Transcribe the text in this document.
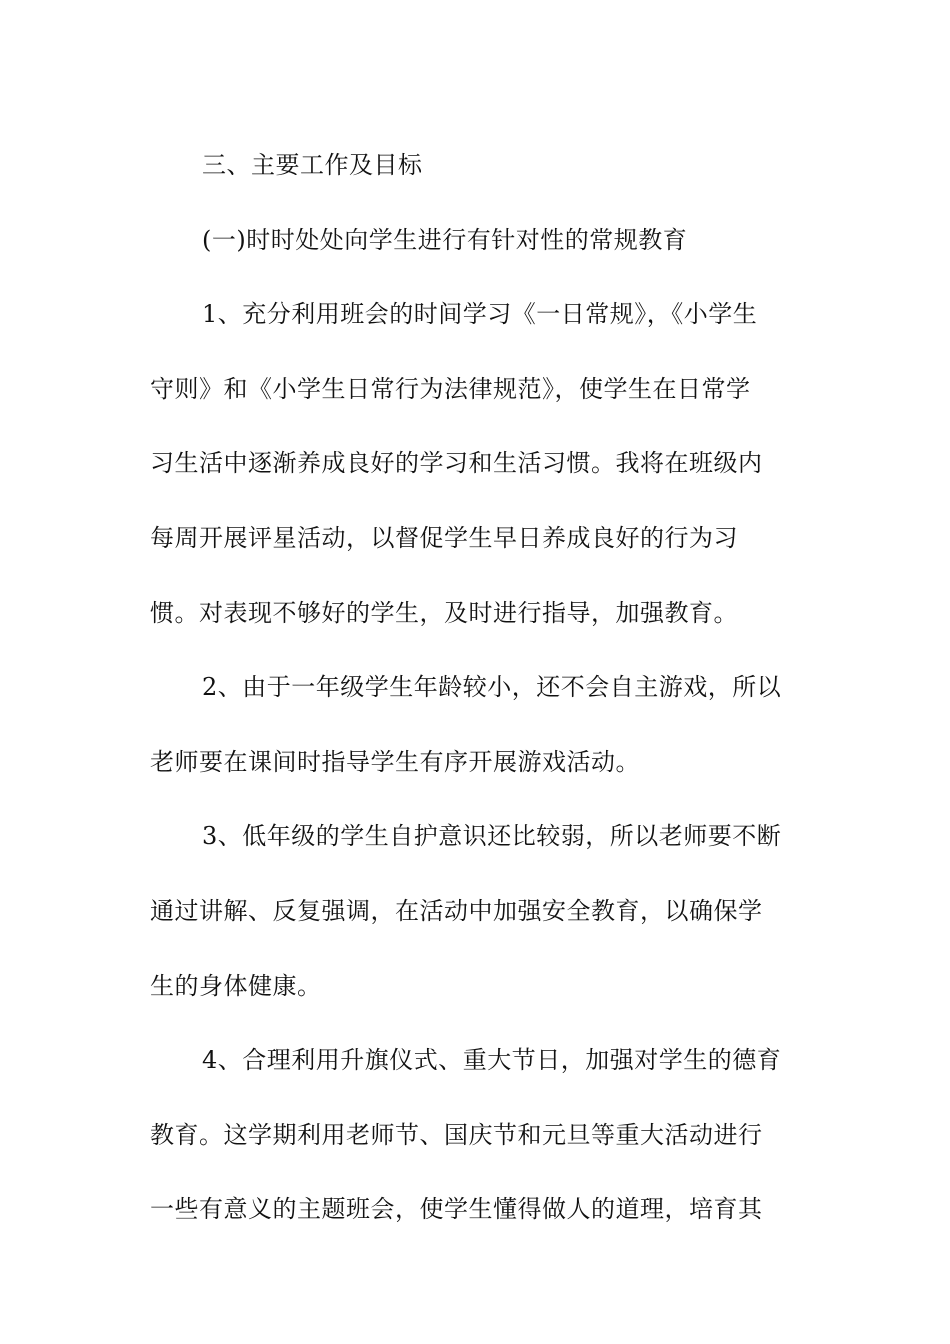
三、主要工作及目标

(一)时时处处向学生进行有针对性的常规教育

1、充分利用班会的时间学习《一日常规》，《小学生
守则》和《小学生日常行为法律规范》，使学生在日常学
习生活中逐渐养成良好的学习和生活习惯。我将在班级内
每周开展评星活动，以督促学生早日养成良好的行为习
惯。对表现不够好的学生，及时进行指导，加强教育。

2、由于一年级学生年龄较小，还不会自主游戏，所以
老师要在课间时指导学生有序开展游戏活动。

3、低年级的学生自护意识还比较弱，所以老师要不断
通过讲解、反复强调，在活动中加强安全教育，以确保学
生的身体健康。

4、合理利用升旗仪式、重大节日，加强对学生的德育
教育。这学期利用老师节、国庆节和元旦等重大活动进行
一些有意义的主题班会，使学生懂得做人的道理，培育其
